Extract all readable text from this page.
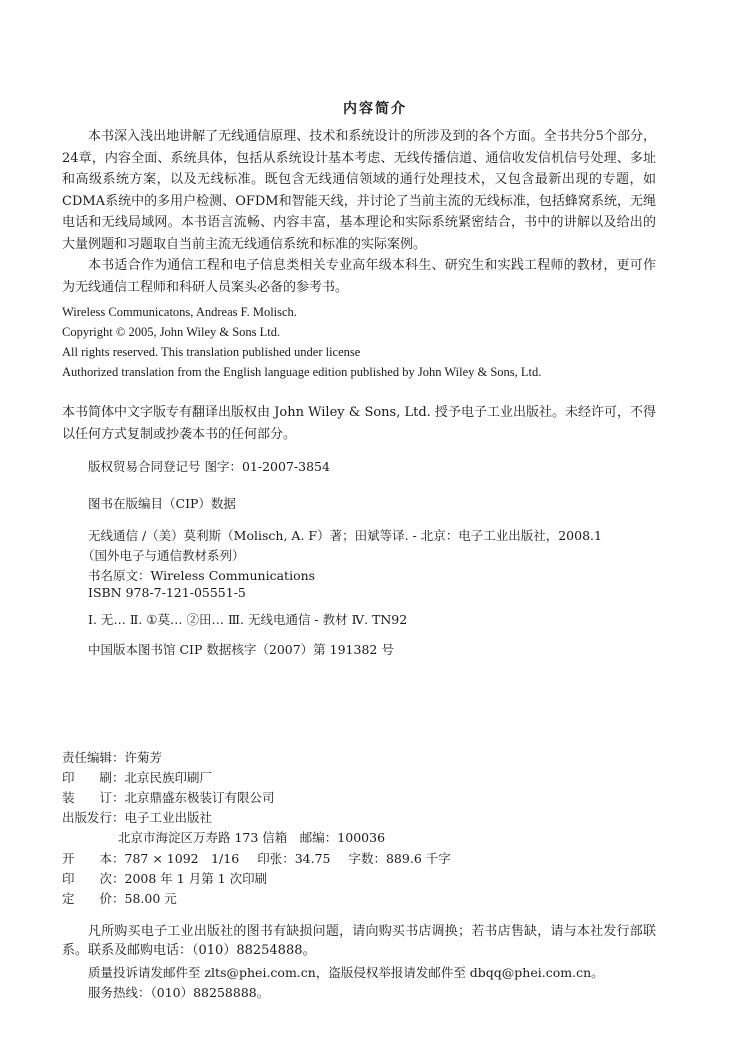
内容简介

本书深入浅出地讲解了无线通信原理、技术和系统设计的所涉及到的各个方面。全书共分5个部分，24章，内容全面、系统具体，包括从系统设计基本考虑、无线传播信道、通信收发信机信号处理、多址和高级系统方案，以及无线标准。既包含无线通信领域的通行处理技术，又包含最新出现的专题，如CDMA系统中的多用户检测、OFDM和智能天线，并讨论了当前主流的无线标准，包括蜂窝系统，无绳电话和无线局域网。本书语言流畅、内容丰富，基本理论和实际系统紧密结合，书中的讲解以及给出的大量例题和习题取自当前主流无线通信系统和标准的实际案例。

本书适合作为通信工程和电子信息类相关专业高年级本科生、研究生和实践工程师的教材，更可作为无线通信工程师和科研人员案头必备的参考书。

Wireless Communicatons, Andreas F. Molisch.
Copyright © 2005, John Wiley & Sons Ltd.
All rights reserved. This translation published under license
Authorized translation from the English language edition published by John Wiley & Sons, Ltd.
本书简体中文字版专有翻译出版权由 John Wiley & Sons, Ltd. 授予电子工业出版社。未经许可，不得以任何方式复制或抄袭本书的任何部分。
版权贸易合同登记号 图字：01-2007-3854
图书在版编目（CIP）数据
无线通信 /（美）莫利斯（Molisch, A. F）著；田斌等译. - 北京：电子工业出版社，2008.1
（国外电子与通信教材系列）
书名原文：Wireless Communications
ISBN 978-7-121-05551-5
I. 无… Ⅱ. ①莫… ②田… Ⅲ. 无线电通信 - 教材 Ⅳ. TN92
中国版本图书馆 CIP 数据核字（2007）第 191382 号
责任编辑：许菊芳
印　　刷：北京民族印刷厂
装　　订：北京鼎盛东极装订有限公司
出版发行：电子工业出版社
北京市海淀区万寿路 173 信箱　邮编：100036
开　　本：787 × 1092　1/16 印张：34.75 字数：889.6 千字
印　　次：2008 年 1 月第 1 次印刷
定　　价：58.00 元

凡所购买电子工业出版社的图书有缺损问题，请向购买书店调换；若书店售缺，请与本社发行部联系。联系及邮购电话：（010）88254888。

质量投诉请发邮件至 zlts@phei.com.cn，盗版侵权举报请发邮件至 dbqq@phei.com.cn。
服务热线：（010）88258888。
